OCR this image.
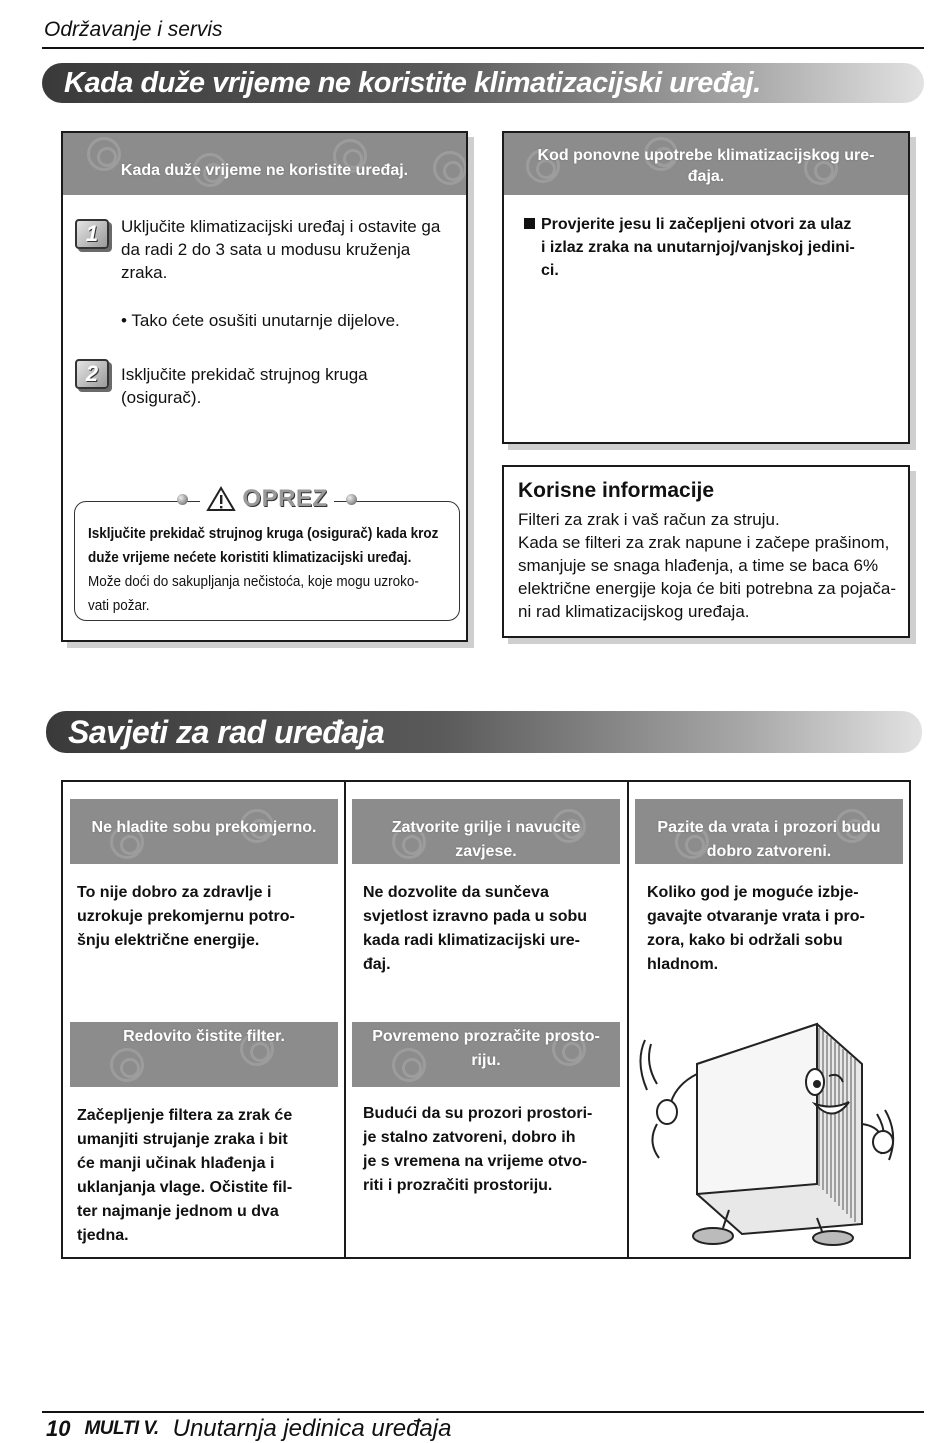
Održavanje i servis
Kada duže vrijeme ne koristite klimatizacijski uređaj.
Kada duže vrijeme ne koristite uređaj.
1	Uključite klimatizacijski uređaj i ostavite ga
da radi 2 do 3 sata u modusu kruženja
zraka.
• Tako ćete osušiti unutarnje dijelove.
2	Isključite prekidač strujnog kruga
(osigurač).
OPREZ
Isključite prekidač strujnog kruga (osigurač) kada kroz
duže vrijeme nećete koristiti klimatizacijski uređaj.
Može doći do sakupljanja nečistoća, koje mogu uzroko-
vati požar.
Kod ponovne upotrebe klimatizacijskog ure-
đaja.
Provjerite jesu li začepljeni otvori za ulaz
i izlaz zraka na unutarnjoj/vanjskoj jedini-
ci.
Korisne informacije

Filteri za zrak i vaš račun za struju.
Kada se filteri za zrak napune i začepe prašinom,
smanjuje se snaga hlađenja, a time se baca 6%
električne energije koja će biti potrebna za pojača-
ni rad klimatizacijskog uređaja.

Savjeti za rad uređaja
Ne hladite sobu prekomjerno.
To nije dobro za zdravlje i
uzrokuje prekomjernu potro-
šnju električne energije.
Zatvorite grilje i navucite
zavjese.
Ne dozvolite da sunčeva
svjetlost izravno pada u sobu
kada radi klimatizacijski ure-
đaj.
Pazite da vrata i prozori budu
dobro zatvoreni.
Koliko god je moguće izbje-
gavajte otvaranje vrata i pro-
zora, kako bi održali sobu
hladnom.
Redovito čistite filter.
Začepljenje filtera za zrak će
umanjiti strujanje zraka i bit
će manji učinak hlađenja i
uklanjanja vlage. Očistite fil-
ter najmanje jednom u dva
tjedna.
Povremeno prozračite prosto-
riju.
Budući da su prozori prostori-
je stalno zatvoreni, dobro ih
je s vremena na vrijeme otvo-
riti i prozračiti prostoriju.
10 MULTI V. Unutarnja jedinica uređaja
